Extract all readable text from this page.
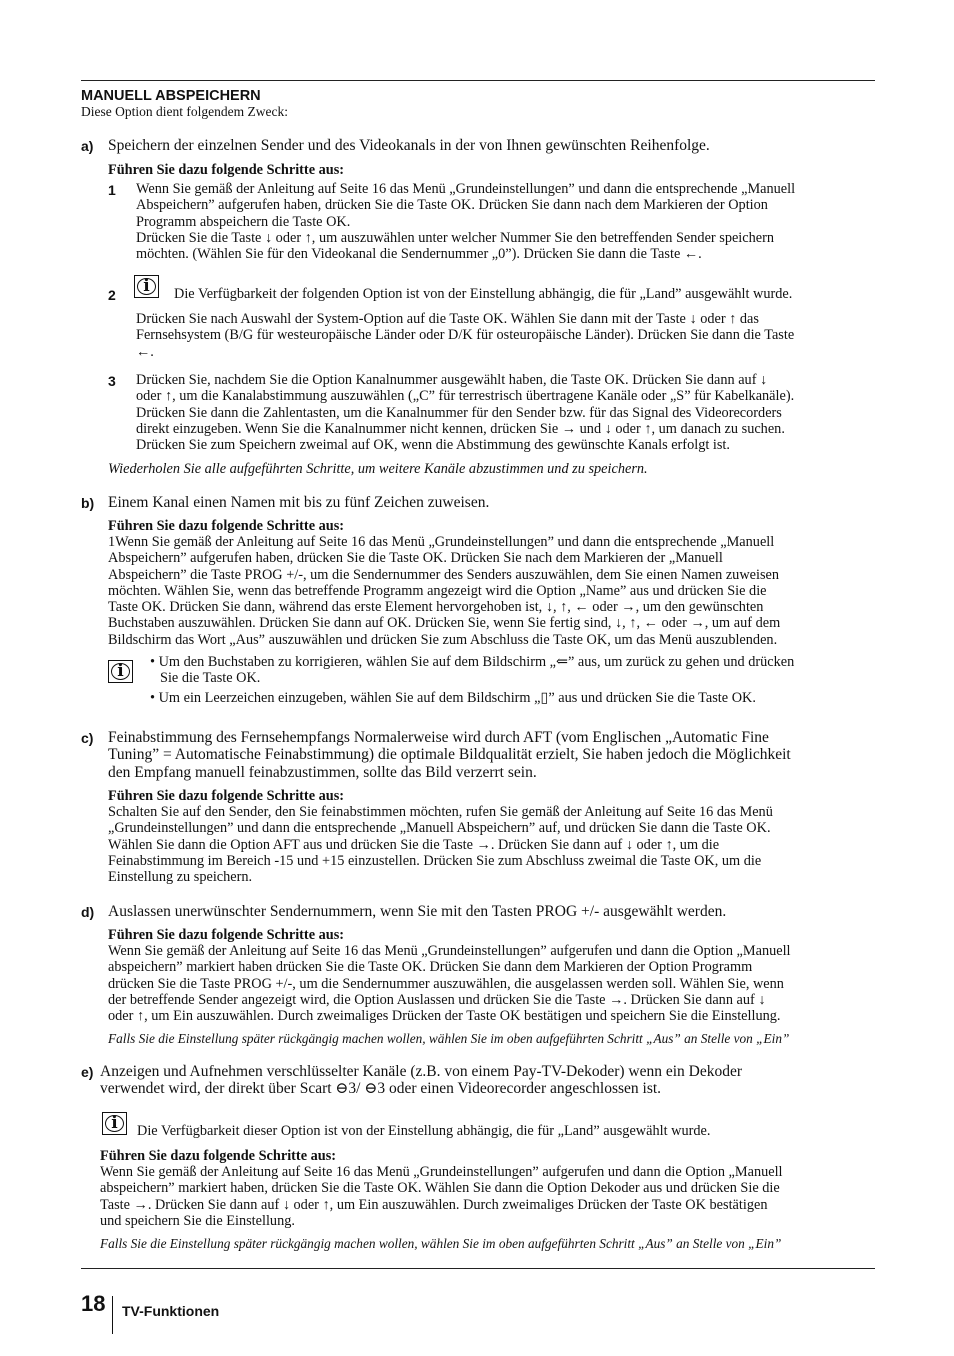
MANUELL ABSPEICHERN
Diese Option dient folgendem Zweck:
a) Speichern der einzelnen Sender und des Videokanals in der von Ihnen gewünschten Reihenfolge.
Führen Sie dazu folgende Schritte aus:
1 Wenn Sie gemäß der Anleitung auf Seite 16 das Menü „Grundeinstellungen” und dann die entsprechende „Manuell
Abspeichern” aufgerufen haben, drücken Sie die Taste OK. Drücken Sie dann nach dem Markieren der Option
Programm abspeichern die Taste OK.
Drücken Sie die Taste ↓ oder ↑, um auszuwählen unter welcher Nummer Sie den betreffenden Sender speichern
möchten. (Wählen Sie für den Videokanal die Sendernummer „0”). Drücken Sie dann die Taste ←.
2	i	Die Verfügbarkeit der folgenden Option ist von der Einstellung abhängig, die für „Land” ausgewählt wurde.
Drücken Sie nach Auswahl der System-Option auf die Taste OK. Wählen Sie dann mit der Taste ↓ oder ↑ das
Fernsehsystem (B/G für westeuropäische Länder oder D/K für osteuropäische Länder). Drücken Sie dann die Taste
←.
3 Drücken Sie, nachdem Sie die Option Kanalnummer ausgewählt haben, die Taste OK. Drücken Sie dann auf ↓
oder ↑, um die Kanalabstimmung auszuwählen („C” für terrestrisch übertragene Kanäle oder „S” für Kabelkanäle).
Drücken Sie dann die Zahlentasten, um die Kanalnummer für den Sender bzw. für das Signal des Videorecorders
direkt einzugeben. Wenn Sie die Kanalnummer nicht kennen, drücken Sie → und ↓ oder ↑, um danach zu suchen.
Drücken Sie zum Speichern zweimal auf OK, wenn die Abstimmung des gewünschte Kanals erfolgt ist.
Wiederholen Sie alle aufgeführten Schritte, um weitere Kanäle abzustimmen und zu speichern.
b) Einem Kanal einen Namen mit bis zu fünf Zeichen zuweisen.
Führen Sie dazu folgende Schritte aus:
1Wenn Sie gemäß der Anleitung auf Seite 16 das Menü „Grundeinstellungen” und dann die entsprechende „Manuell
Abspeichern” aufgerufen haben, drücken Sie die Taste OK. Drücken Sie nach dem Markieren der „Manuell
Abspeichern” die Taste PROG +/-, um die Sendernummer des Senders auszuwählen, dem Sie einen Namen zuweisen
möchten. Wählen Sie, wenn das betreffende Programm angezeigt wird die Option „Name” aus und drücken Sie die
Taste OK. Drücken Sie dann, während das erste Element hervorgehoben ist, ↓, ↑, ← oder →, um den gewünschten
Buchstaben auszuwählen. Drücken Sie dann auf OK. Drücken Sie, wenn Sie fertig sind, ↓, ↑, ← oder →, um auf dem
Bildschirm das Wort „Aus” auszuwählen und drücken Sie zum Abschluss die Taste OK, um das Menü auszublenden.
i	• Um den Buchstaben zu korrigieren, wählen Sie auf dem Bildschirm „⇐” aus, um zurück zu gehen und drücken
Sie die Taste OK.
• Um ein Leerzeichen einzugeben, wählen Sie auf dem Bildschirm „▯” aus und drücken Sie die Taste OK.
c) Feinabstimmung des Fernsehempfangs Normalerweise wird durch AFT (vom Englischen „Automatic Fine
Tuning” = Automatische Feinabstimmung) die optimale Bildqualität erzielt, Sie haben jedoch die Möglichkeit
den Empfang manuell feinabzustimmen, sollte das Bild verzerrt sein.
Führen Sie dazu folgende Schritte aus:
Schalten Sie auf den Sender, den Sie feinabstimmen möchten, rufen Sie gemäß der Anleitung auf Seite 16 das Menü
„Grundeinstellungen” und dann die entsprechende „Manuell Abspeichern” auf, und drücken Sie dann die Taste OK.
Wählen Sie dann die Option AFT aus und drücken Sie die Taste →. Drücken Sie dann auf ↓ oder ↑, um die
Feinabstimmung im Bereich -15 und +15 einzustellen. Drücken Sie zum Abschluss zweimal die Taste OK, um die
Einstellung zu speichern.
d) Auslassen unerwünschter Sendernummern, wenn Sie mit den Tasten PROG +/- ausgewählt werden.
Führen Sie dazu folgende Schritte aus:
Wenn Sie gemäß der Anleitung auf Seite 16 das Menü „Grundeinstellungen” aufgerufen und dann die Option „Manuell
abspeichern” markiert haben drücken Sie die Taste OK. Drücken Sie dann dem Markieren der Option Programm
drücken Sie die Taste PROG +/-, um die Sendernummer auszuwählen, die ausgelassen werden soll. Wählen Sie, wenn
der betreffende Sender angezeigt wird, die Option Auslassen und drücken Sie die Taste →. Drücken Sie dann auf ↓
oder ↑, um Ein auszuwählen. Durch zweimaliges Drücken der Taste OK bestätigen und speichern Sie die Einstellung.
Falls Sie die Einstellung später rückgängig machen wollen, wählen Sie im oben aufgeführten Schritt „Aus” an Stelle von „Ein”
e) Anzeigen und Aufnehmen verschlüsselter Kanäle (z.B. von einem Pay-TV-Dekoder) wenn ein Dekoder
verwendet wird, der direkt über Scart ⊖3/ ⊖3 oder einen Videorecorder angeschlossen ist.
i	Die Verfügbarkeit dieser Option ist von der Einstellung abhängig, die für „Land” ausgewählt wurde.
Führen Sie dazu folgende Schritte aus:
Wenn Sie gemäß der Anleitung auf Seite 16 das Menü „Grundeinstellungen” aufgerufen und dann die Option „Manuell
abspeichern” markiert haben, drücken Sie die Taste OK. Wählen Sie dann die Option Dekoder aus und drücken Sie die
Taste →. Drücken Sie dann auf ↓ oder ↑, um Ein auszuwählen. Durch zweimaliges Drücken der Taste OK bestätigen
und speichern Sie die Einstellung.
Falls Sie die Einstellung später rückgängig machen wollen, wählen Sie im oben aufgeführten Schritt „Aus” an Stelle von „Ein”
18 TV-Funktionen
